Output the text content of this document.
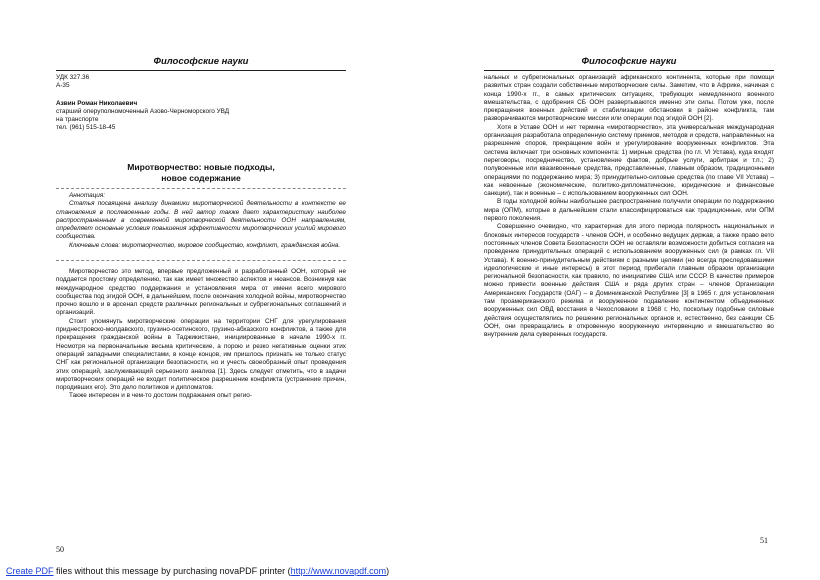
Философские науки

УДК 327.36

А-35

Азвин Роман Николаевич

старший оперуполномоченный Азово-Черноморского УВД

на транспорте

тел. (961) 515-18-45

Миротворчество: новые подходы,
новое содержание

Аннотация:

Статья посвящена анализу динамики миротворческой деятельности в контексте ее становления в послевоенные годы. В ней автор также дает характеристику наиболее распространенным в современной миротворческой деятельности ООН направлениям, определяет основные условия повышения эффективности миротворческих усилий мирового сообщества.

Ключевые слова: миротворчество, мировое сообщество, конфликт, гражданская война.

Миротворчество это метод, впервые предложенный и разработанный ООН, который не поддается простому определению, так как имеет множество аспектов и нюансов. Возникнув как международное средство поддержания и установления мира от имени всего мирового сообщества под эгидой ООН, в дальнейшем, после окончания холодной войны, миротворчество прочно вошло и в арсенал средств различных региональных и субрегиональных соглашений и организаций.

Стоит упомянуть миротворческие операции на территории СНГ для урегулирования приднестровско-молдавского, грузино-осетинского, грузино-абхазского конфликтов, а также для прекращения гражданской войны в Таджикистане, инициированные в начале 1990-х гг. Несмотря на первоначальные весьма критические, а порою и резко негативные оценки этих операций западными специалистами, в конце концов, им пришлось признать не только статус СНГ как региональной организации безопасности, но и учесть своеобразный опыт проведения этих операций, заслуживающий серьезного анализа [1]. Здесь следует отметить, что в задачи миротворческих операций не входит политическое разрешение конфликта (устранение причин, породивших его). Это дело политиков и дипломатов.

Также интересен и в чем-то достоин подражания опыт регио-

50
Философские науки

нальных и субрегиональных организаций африканского континента, которые при помощи развитых стран создали собственные миротворческие силы. Заметим, что в Африке, начиная с конца 1990-х гг., в самых критических ситуациях, требующих немедленного военного вмешательства, с одобрения СБ ООН развертываются именно эти силы. Потом уже, после прекращения военных действий и стабилизации обстановки в районе конфликта, там разворачиваются миротворческие миссии или операции под эгидой ООН [2].

Хотя в Уставе ООН и нет термина «миротворчество», эта универсальная международная организация разработала определенную систему приемов, методов и средств, направленных на разрешение споров, прекращение войн и урегулирование вооруженных конфликтов. Эта система включает три основных компонента: 1) мирные средства (по гл. VI Устава), куда входят переговоры, посредничество, установление фактов, добрые услуги, арбитраж и т.п.; 2) полувоенные или квазивоенные средства, представленные, главным образом, традиционными операциями по поддержанию мира; 3) принудительно-силовые средства (по главе VII Устава) – как невоенные (экономические, политико-дипломатические, юридические и финансовые санкции), так и военные – с использованием вооруженных сил ООН.

В годы холодной войны наибольшее распространение получили операции по поддержанию мира (ОПМ), которые в дальнейшем стали классифицироваться как традиционные, или ОПМ первого поколения.

Совершенно очевидно, что характерная для этого периода полярность национальных и блоковых интересов государств - членов ООН, и особенно ведущих держав, а также право вето постоянных членов Совета Безопасности ООН не оставляли возможности добиться согласия на проведение принудительных операций с использованием вооруженных сил (в рамках гл. VII Устава). К военно-принудительным действиям с разными целями (но всегда преследовавшими идеологические и иные интересы) в этот период прибегали главным образом организации региональной безопасности, как правило, по инициативе США или СССР. В качестве примеров можно привести военные действия США и ряда других стран – членов Организации Американских Государств (ОАГ) – в Доминиканской Республике [3] в 1965 г. для установления там проамериканского режима и вооруженное подавление контингентом объединенных вооруженных сил ОВД восстания в Чехословакии в 1968 г. Но, поскольку подобные силовые действия осуществлялись по решению региональных органов и, естественно, без санкции СБ ООН, они превращались в откровенную вооруженную интервенцию и вмешательство во внутренние дела суверенных государств.

51
Create PDF files without this message by purchasing novaPDF printer (http://www.novapdf.com)
